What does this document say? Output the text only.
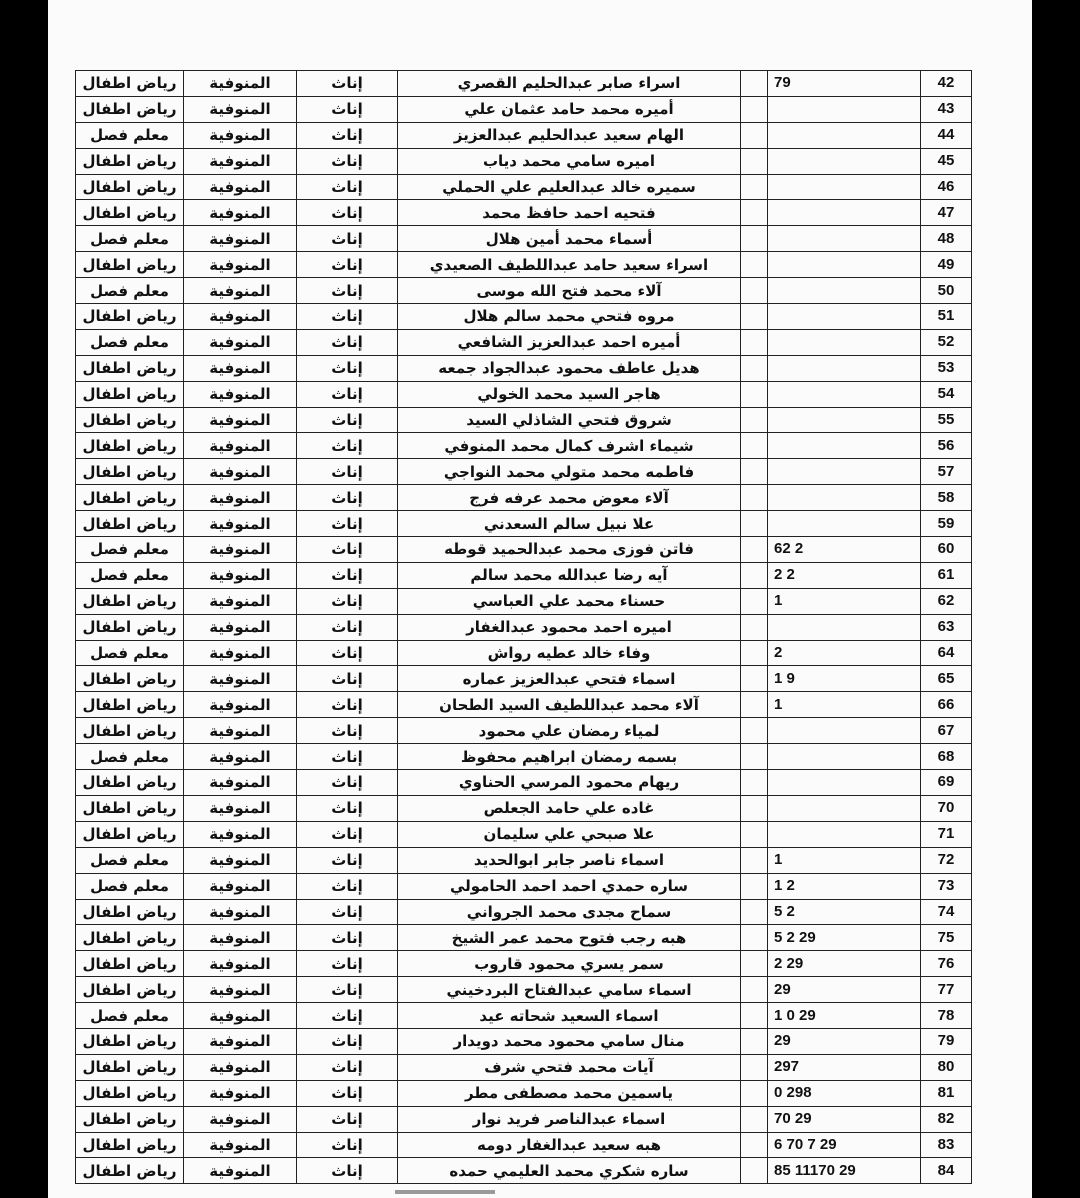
42	79		اسراء صابر عبدالحليم القصري	إناث	المنوفية	رياض اطفال
43			أميره محمد حامد عثمان علي	إناث	المنوفية	رياض اطفال
44			الهام سعيد عبدالحليم عبدالعزيز	إناث	المنوفية	معلم فصل
45			اميره سامي محمد دياب	إناث	المنوفية	رياض اطفال
46			سميره خالد عبدالعليم علي الحملي	إناث	المنوفية	رياض اطفال
47			فتحيه احمد حافظ محمد	إناث	المنوفية	رياض اطفال
48			أسماء محمد أمين هلال	إناث	المنوفية	معلم فصل
49			اسراء سعيد حامد عبداللطيف الصعيدي	إناث	المنوفية	رياض اطفال
50			آلاء محمد فتح الله موسى	إناث	المنوفية	معلم فصل
51			مروه فتحي محمد سالم هلال	إناث	المنوفية	رياض اطفال
52			أميره احمد عبدالعزيز الشافعي	إناث	المنوفية	معلم فصل
53			هديل عاطف محمود عبدالجواد جمعه	إناث	المنوفية	رياض اطفال
54			هاجر السيد محمد الخولي	إناث	المنوفية	رياض اطفال
55			شروق فتحي الشاذلي السيد	إناث	المنوفية	رياض اطفال
56			شيماء اشرف كمال محمد المنوفي	إناث	المنوفية	رياض اطفال
57			فاطمه محمد متولي محمد النواجي	إناث	المنوفية	رياض اطفال
58			آلاء معوض محمد عرفه فرج	إناث	المنوفية	رياض اطفال
59			علا نبيل سالم السعدني	إناث	المنوفية	رياض اطفال
60	2 62		فاتن فوزى محمد عبدالحميد قوطه	إناث	المنوفية	معلم فصل
61	2 2		آيه رضا عبدالله محمد سالم	إناث	المنوفية	معلم فصل
62	1		حسناء محمد علي العباسي	إناث	المنوفية	رياض اطفال
63			اميره احمد محمود عبدالغفار	إناث	المنوفية	رياض اطفال
64	2		وفاء خالد عطيه رواش	إناث	المنوفية	معلم فصل
65	9 1		اسماء فتحي عبدالعزيز عماره	إناث	المنوفية	رياض اطفال
66	1		آلاء محمد عبداللطيف السيد الطحان	إناث	المنوفية	رياض اطفال
67			لمياء رمضان علي محمود	إناث	المنوفية	رياض اطفال
68			بسمه رمضان ابراهيم محفوظ	إناث	المنوفية	معلم فصل
69			ريهام محمود المرسي الحناوي	إناث	المنوفية	رياض اطفال
70			غاده علي حامد الجعلص	إناث	المنوفية	رياض اطفال
71			علا صبحي علي سليمان	إناث	المنوفية	رياض اطفال
72	1		اسماء ناصر جابر ابوالحديد	إناث	المنوفية	معلم فصل
73	2 1		ساره حمدي احمد احمد الحامولي	إناث	المنوفية	معلم فصل
74	2 5		سماح مجدى محمد الجرواني	إناث	المنوفية	رياض اطفال
75	29 2 5		هبه رجب فتوح محمد عمر الشيخ	إناث	المنوفية	رياض اطفال
76	29 2		سمر يسري محمود قاروب	إناث	المنوفية	رياض اطفال
77	29		اسماء سامي عبدالفتاح البردخيني	إناث	المنوفية	رياض اطفال
78	29 0 1		اسماء السعيد شحاته عيد	إناث	المنوفية	معلم فصل
79	29		منال سامي محمود محمد دويدار	إناث	المنوفية	رياض اطفال
80	297		آيات محمد فتحي شرف	إناث	المنوفية	رياض اطفال
81	298 0		ياسمين محمد مصطفى مطر	إناث	المنوفية	رياض اطفال
82	29 70		اسماء عبدالناصر فريد نوار	إناث	المنوفية	رياض اطفال
83	29 7 70 6		هبه سعيد عبدالغفار دومه	إناث	المنوفية	رياض اطفال
84	29 11170 85		ساره شكري محمد العليمي حمده	إناث	المنوفية	رياض اطفال
